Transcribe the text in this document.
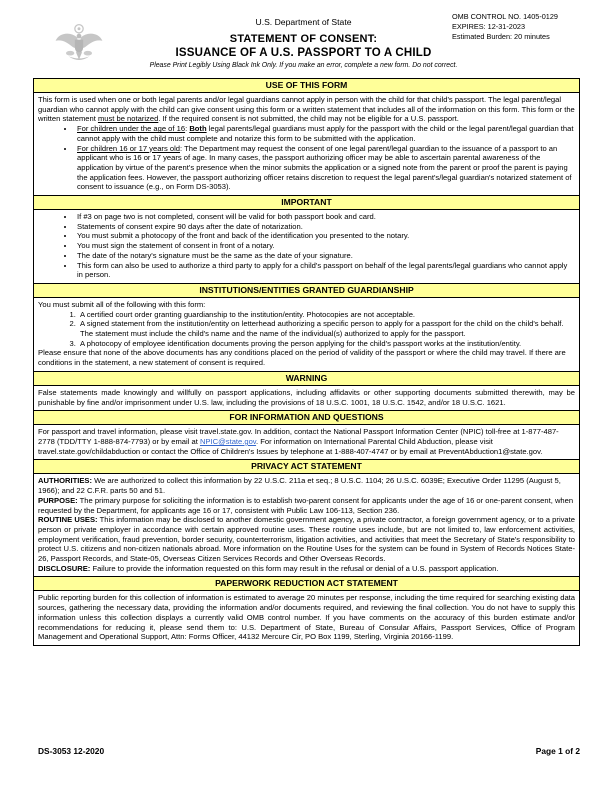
U.S. Department of State
STATEMENT OF CONSENT:
ISSUANCE OF A U.S. PASSPORT TO A CHILD
Please Print Legibly Using Black Ink Only. If you make an error, complete a new form. Do not correct.
OMB CONTROL NO. 1405-0129
EXPIRES: 12-31-2023
Estimated Burden: 20 minutes
USE OF THIS FORM

This form is used when one or both legal parents and/or legal guardians cannot apply in person with the child for that child's passport. The legal parent/legal guardian who cannot apply with the child can give consent using this form or a written statement that includes all of the information on this form. This form or the written statement must be notarized. If the required consent is not submitted, the child may not be eligible for a U.S. passport.

• For children under the age of 16: Both legal parents/legal guardians must apply for the passport with the child or the legal parent/legal guardian that cannot apply with the child must complete and notarize this form to be submitted with the application.
• For children 16 or 17 years old: The Department may request the consent of one legal parent/legal guardian to the issuance of a passport to an applicant who is 16 or 17 years of age. In many cases, the passport authorizing officer may be able to ascertain parental awareness of the application by virtue of the parent's presence when the minor submits the application or a signed note from the parent or proof the parent is paying the application fees. However, the passport authorizing officer retains discretion to request the legal parent's/legal guardian's notarized statement of consent to issuance (e.g., on Form DS-3053).
IMPORTANT
• If #3 on page two is not completed, consent will be valid for both passport book and card.
• Statements of consent expire 90 days after the date of notarization.
• You must submit a photocopy of the front and back of the identification you presented to the notary.
• You must sign the statement of consent in front of a notary.
• The date of the notary's signature must be the same as the date of your signature.
• This form can also be used to authorize a third party to apply for a child's passport on behalf of the legal parents/legal guardians who cannot apply in person.
INSTITUTIONS/ENTITIES GRANTED GUARDIANSHIP

You must submit all of the following with this form:

1. A certified court order granting guardianship to the institution/entity. Photocopies are not acceptable.
2. A signed statement from the institution/entity on letterhead authorizing a specific person to apply for a passport for the child on the child's behalf.
The statement must include the child's name and the name of the individual(s) authorized to apply for the passport.
3. A photocopy of employee identification documents proving the person applying for the child's passport works at the institution/entity.

Please ensure that none of the above documents has any conditions placed on the period of validity of the passport or where the child may travel. If there are conditions in the statement, a new statement of consent is required.

WARNING

False statements made knowingly and willfully on passport applications, including affidavits or other supporting documents submitted therewith, may be punishable by fine and/or imprisonment under U.S. law, including the provisions of 18 U.S.C. 1001, 18 U.S.C. 1542, and/or 18 U.S.C. 1621.

FOR INFORMATION AND QUESTIONS

For passport and travel information, please visit travel.state.gov. In addition, contact the National Passport Information Center (NPIC) toll-free at 1-877-487-2778 (TDD/TTY 1-888-874-7793) or by email at NPIC@state.gov. For information on International Parental Child Abduction, please visit travel.state.gov/childabduction or contact the Office of Children's Issues by telephone at 1-888-407-4747 or by email at PreventAbduction1@state.gov.

PRIVACY ACT STATEMENT

AUTHORITIES: We are authorized to collect this information by 22 U.S.C. 211a et seq.; 8 U.S.C. 1104; 26 U.S.C. 6039E; Executive Order 11295 (August 5, 1966); and 22 C.F.R. parts 50 and 51.

PURPOSE: The primary purpose for soliciting the information is to establish two-parent consent for applicants under the age of 16 or one-parent consent, when requested by the Department, for applicants age 16 or 17, consistent with Public Law 106-113, Section 236.

ROUTINE USES: This information may be disclosed to another domestic government agency, a private contractor, a foreign government agency, or to a private person or private employer in accordance with certain approved routine uses. These routine uses include, but are not limited to, law enforcement activities, employment verification, fraud prevention, border security, counterterrorism, litigation activities, and activities that meet the Secretary of State's responsibility to protect U.S. citizens and non-citizen nationals abroad. More information on the Routine Uses for the system can be found in System of Records Notices State-26, Passport Records, and State-05, Overseas Citizen Services Records and Other Overseas Records.

DISCLOSURE: Failure to provide the information requested on this form may result in the refusal or denial of a U.S. passport application.

PAPERWORK REDUCTION ACT STATEMENT

Public reporting burden for this collection of information is estimated to average 20 minutes per response, including the time required for searching existing data sources, gathering the necessary data, providing the information and/or documents required, and reviewing the final collection. You do not have to supply this information unless this collection displays a currently valid OMB control number. If you have comments on the accuracy of this burden estimate and/or recommendations for reducing it, please send them to: U.S. Department of State, Bureau of Consular Affairs, Passport Services, Office of Program Management and Operational Support, Attn: Forms Officer, 44132 Mercure Cir, PO Box 1199, Sterling, Virginia 20166-1199.

DS-3053 12-2020	Page 1 of 2
